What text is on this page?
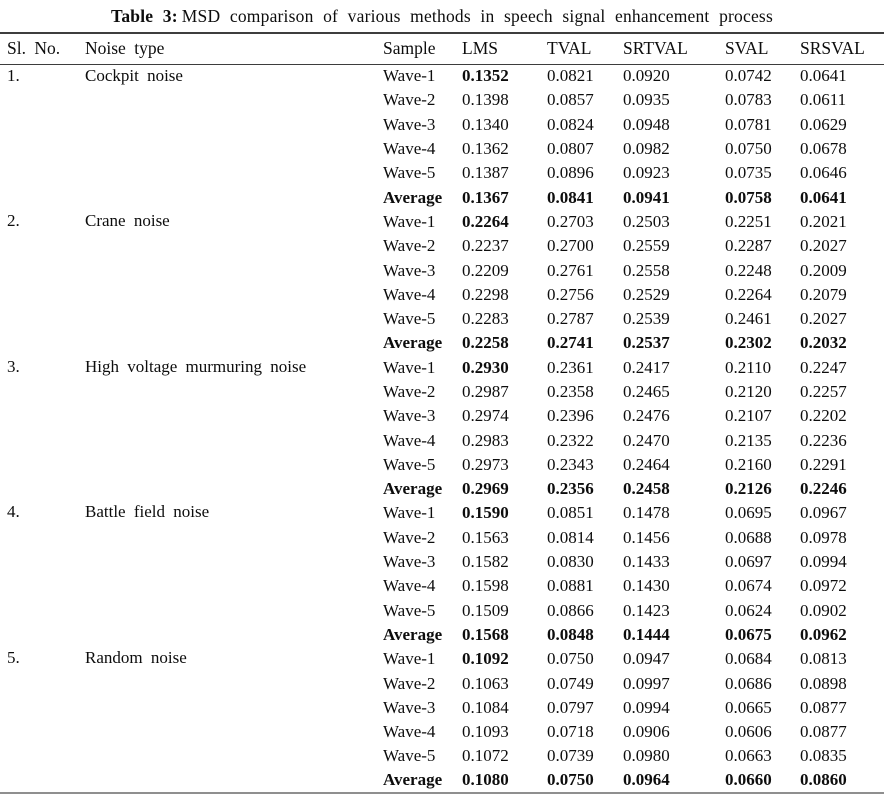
Table 3: MSD comparison of various methods in speech signal enhancement process
Sl. No.	Noise type	Sample	LMS	TVAL	SRTVAL	SVAL	SRSVAL
1.	Cockpit noise	Wave-1	0.1352	0.0821	0.0920	0.0742	0.0641
		Wave-2	0.1398	0.0857	0.0935	0.0783	0.0611
		Wave-3	0.1340	0.0824	0.0948	0.0781	0.0629
		Wave-4	0.1362	0.0807	0.0982	0.0750	0.0678
		Wave-5	0.1387	0.0896	0.0923	0.0735	0.0646
		Average	0.1367	0.0841	0.0941	0.0758	0.0641
2.	Crane noise	Wave-1	0.2264	0.2703	0.2503	0.2251	0.2021
		Wave-2	0.2237	0.2700	0.2559	0.2287	0.2027
		Wave-3	0.2209	0.2761	0.2558	0.2248	0.2009
		Wave-4	0.2298	0.2756	0.2529	0.2264	0.2079
		Wave-5	0.2283	0.2787	0.2539	0.2461	0.2027
		Average	0.2258	0.2741	0.2537	0.2302	0.2032
3.	High voltage murmuring noise	Wave-1	0.2930	0.2361	0.2417	0.2110	0.2247
		Wave-2	0.2987	0.2358	0.2465	0.2120	0.2257
		Wave-3	0.2974	0.2396	0.2476	0.2107	0.2202
		Wave-4	0.2983	0.2322	0.2470	0.2135	0.2236
		Wave-5	0.2973	0.2343	0.2464	0.2160	0.2291
		Average	0.2969	0.2356	0.2458	0.2126	0.2246
4.	Battle field noise	Wave-1	0.1590	0.0851	0.1478	0.0695	0.0967
		Wave-2	0.1563	0.0814	0.1456	0.0688	0.0978
		Wave-3	0.1582	0.0830	0.1433	0.0697	0.0994
		Wave-4	0.1598	0.0881	0.1430	0.0674	0.0972
		Wave-5	0.1509	0.0866	0.1423	0.0624	0.0902
		Average	0.1568	0.0848	0.1444	0.0675	0.0962
5.	Random noise	Wave-1	0.1092	0.0750	0.0947	0.0684	0.0813
		Wave-2	0.1063	0.0749	0.0997	0.0686	0.0898
		Wave-3	0.1084	0.0797	0.0994	0.0665	0.0877
		Wave-4	0.1093	0.0718	0.0906	0.0606	0.0877
		Wave-5	0.1072	0.0739	0.0980	0.0663	0.0835
		Average	0.1080	0.0750	0.0964	0.0660	0.0860
